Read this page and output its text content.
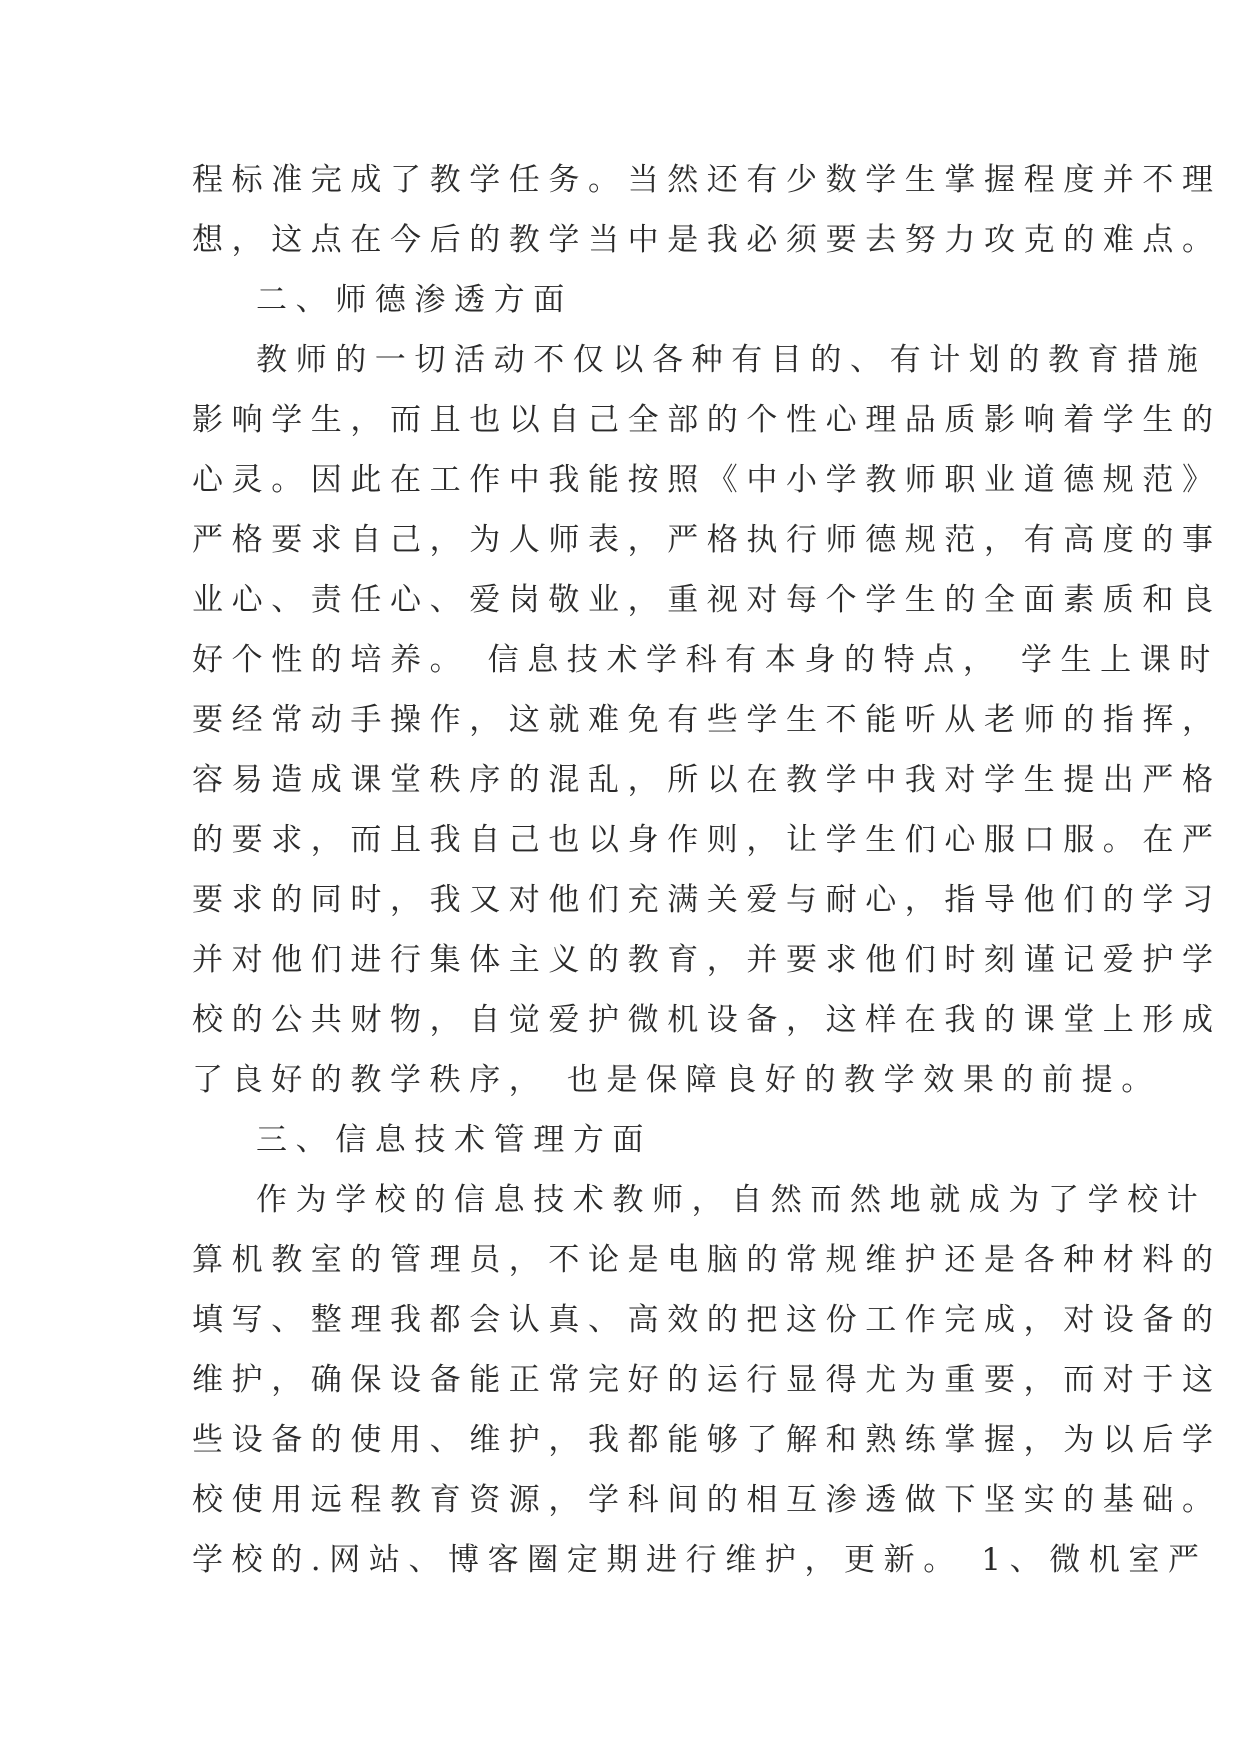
程标准完成了教学任务。当然还有少数学生掌握程度并不理
想，这点在今后的教学当中是我必须要去努力攻克的难点。
二、师德渗透方面
教师的一切活动不仅以各种有目的、有计划的教育措施
影响学生，而且也以自己全部的个性心理品质影响着学生的
心灵。因此在工作中我能按照《中小学教师职业道德规范》
严格要求自己，为人师表，严格执行师德规范，有高度的事
业心、责任心、爱岗敬业，重视对每个学生的全面素质和良
好个性的培养。 信息技术学科有本身的特点， 学生上课时
要经常动手操作，这就难免有些学生不能听从老师的指挥，
容易造成课堂秩序的混乱，所以在教学中我对学生提出严格
的要求，而且我自己也以身作则，让学生们心服口服。在严
要求的同时，我又对他们充满关爱与耐心，指导他们的学习
并对他们进行集体主义的教育，并要求他们时刻谨记爱护学
校的公共财物，自觉爱护微机设备，这样在我的课堂上形成
了良好的教学秩序， 也是保障良好的教学效果的前提。
三、信息技术管理方面
作为学校的信息技术教师，自然而然地就成为了学校计
算机教室的管理员，不论是电脑的常规维护还是各种材料的
填写、整理我都会认真、高效的把这份工作完成，对设备的
维护，确保设备能正常完好的运行显得尤为重要，而对于这
些设备的使用、维护，我都能够了解和熟练掌握，为以后学
校使用远程教育资源，学科间的相互渗透做下坚实的基础。
学校的.网站、博客圈定期进行维护，更新。 1、微机室严
